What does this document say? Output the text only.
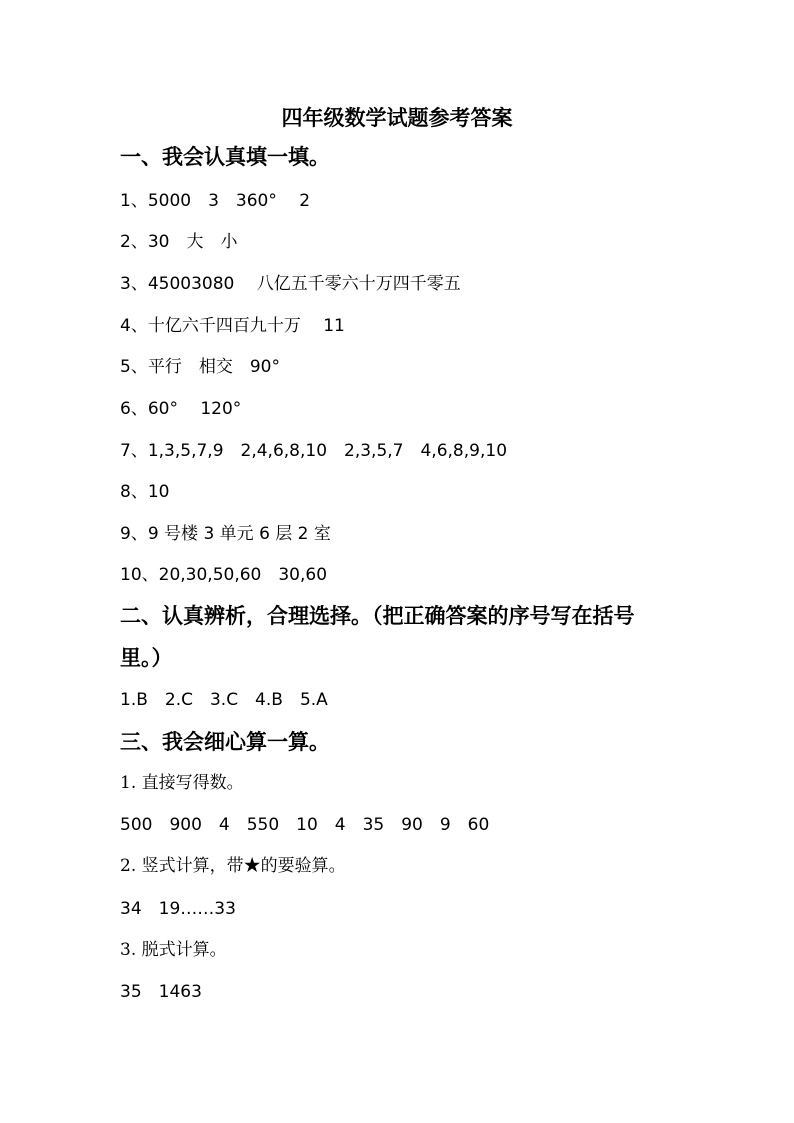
四年级数学试题参考答案
一、我会认真填一填。
1、5000　3　360°　 2
2、30　大　小
3、45003080　 八亿五千零六十万四千零五
4、十亿六千四百九十万　 11
5、平行　相交　90°
6、60°　 120°
7、1,3,5,7,9　2,4,6,8,10　2,3,5,7　4,6,8,9,10
8、10
9、9 号楼 3 单元 6 层 2 室
10、20,30,50,60　30,60
二、认真辨析，合理选择。（把正确答案的序号写在括号
里。）
1.B　2.C　3.C　4.B　5.A
三、我会细心算一算。
1. 直接写得数。
500　900　4　550　10　4　35　90　9　60
2. 竖式计算，带★的要验算。
34　19……33
3. 脱式计算。
35　1463
